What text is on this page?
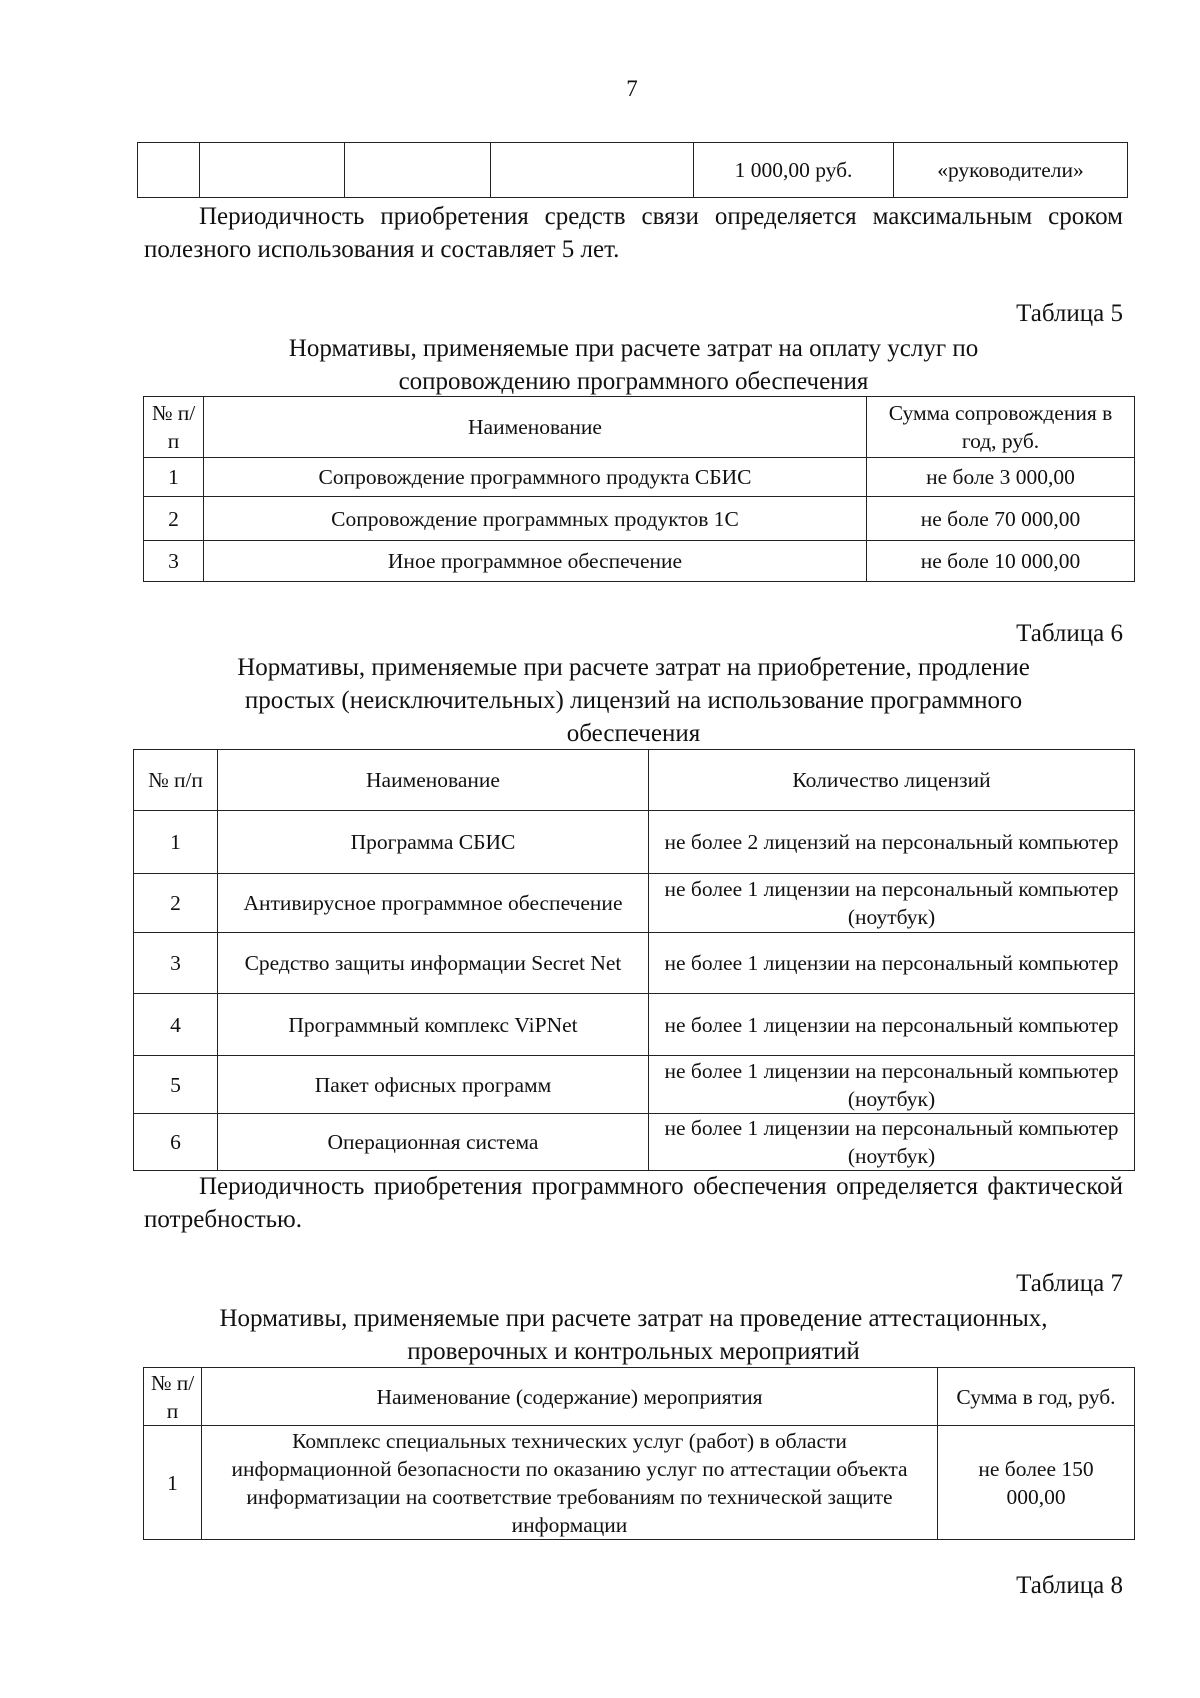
7
				1 000,00 руб.	«руководители»
Периодичность приобретения средств связи определяется максимальным сроком полезного использования и составляет 5 лет.
Таблица 5
Нормативы, применяемые при расчете затрат на оплату услуг по
сопровождению программного обеспечения
№ п/п	Наименование	Сумма сопровождения в год, руб.
1	Сопровождение программного продукта СБИС	не боле 3 000,00
2	Сопровождение программных продуктов 1С	не боле 70 000,00
3	Иное программное обеспечение	не боле 10 000,00
Таблица 6
Нормативы, применяемые при расчете затрат на приобретение, продление
простых (неисключительных) лицензий на использование программного
обеспечения
№ п/п	Наименование	Количество лицензий
1	Программа СБИС	не более 2 лицензий на персональный компьютер
2	Антивирусное программное обеспечение	не более 1 лицензии на персональный компьютер (ноутбук)
3	Средство защиты информации Secret Net	не более 1 лицензии на персональный компьютер
4	Программный комплекс ViPNet	не более 1 лицензии на персональный компьютер
5	Пакет офисных программ	не более 1 лицензии на персональный компьютер (ноутбук)
6	Операционная система	не более 1 лицензии на персональный компьютер (ноутбук)
Периодичность приобретения программного обеспечения определяется фактической потребностью.
Таблица 7
Нормативы, применяемые при расчете затрат на проведение аттестационных,
проверочных и контрольных мероприятий
№ п/п	Наименование (содержание) мероприятия	Сумма в год, руб.
1	Комплекс специальных технических услуг (работ) в области информационной безопасности по оказанию услуг по аттестации объекта информатизации на соответствие требованиям по технической защите информации	не более 150 000,00
Таблица 8
